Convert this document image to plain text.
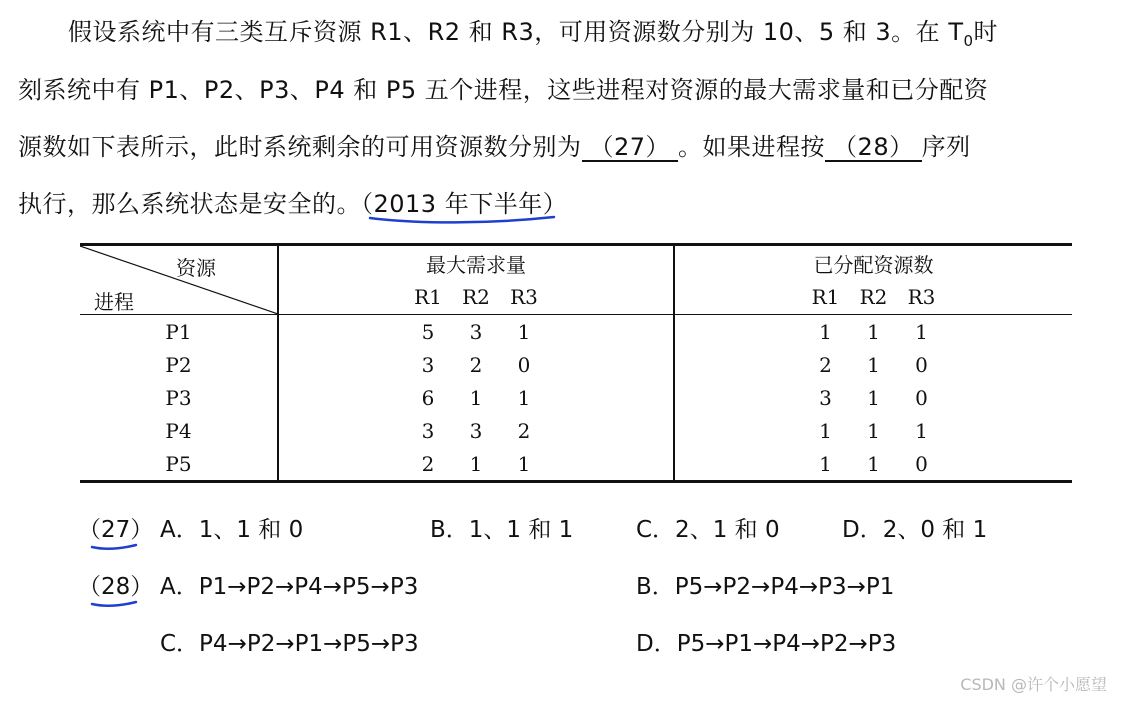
假设系统中有三类互斥资源 R1、R2 和 R3，可用资源数分别为 10、5 和 3。在 $T_0$时
刻系统中有 P1、P2、P3、P4 和 P5 五个进程，这些进程对资源的最大需求量和已分配资
源数如下表所示，此时系统剩余的可用资源数分别为 （27） 。如果进程按 （28） 序列
执行，那么系统状态是安全的。（2013 年下半年
）
资源
进程	最大需求量	已分配资源数
	R1 R2 R3	R1 R2 R3
P1	5 3 1	1 1 1
P2	3 2 0	2 1 0
P3	6 1 1	3 1 0
P4	3 3 2	1 1 1
P5	2 1 1	1 1 0
（27） A．1、1 和 0	B．1、1 和 1	C．2、1 和 0	D．2、0 和 1
（28） A．P1→P2→P4→P5→P3	B．P5→P2→P4→P3→P1
C．P4→P2→P1→P5→P3	D．P5→P1→P4→P2→P3
CSDN @许个小愿望
